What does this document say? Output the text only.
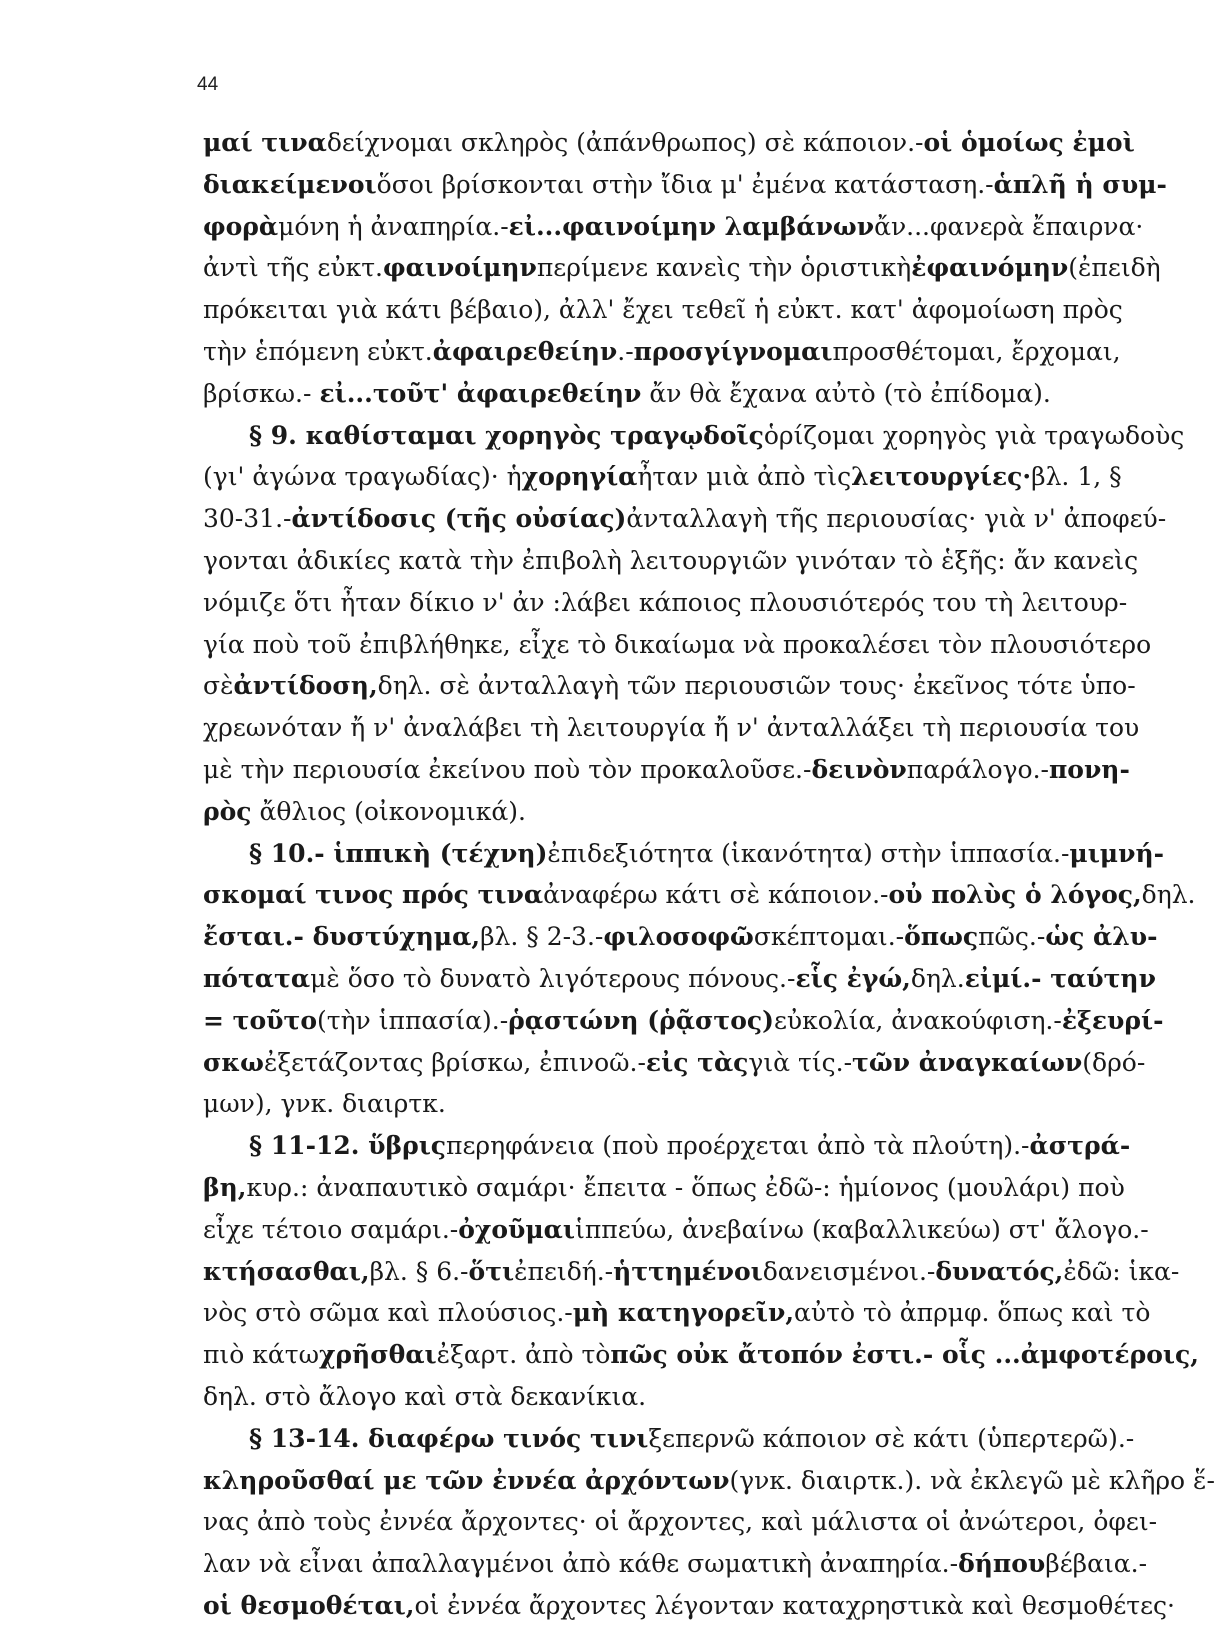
44
μαί τινα δείχνομαι σκληρὸς (ἀπάνθρωπος) σὲ κάποιον.- οἱ ὁμοίως ἐμοὶ
διακείμενοι ὅσοι βρίσκονται στὴν ἴδια μ' ἐμένα κατάσταση.- ἁπλῆ ἡ συμ-
φορὰ μόνη ἡ ἀναπηρία.- εἰ...φαινοίμην λαμβάνων ἄν...φανερὰ ἔπαιρνα·
ἀντὶ τῆς εὐκτ. φαινοίμην περίμενε κανεὶς τὴν ὁριστικὴ ἐφαινόμην (ἐπειδὴ
πρόκειται γιὰ κάτι βέβαιο), ἀλλ' ἔχει τεθεῖ ἡ εὐκτ. κατ' ἀφομοίωση πρὸς
τὴν ἑπόμενη εὐκτ. ἀφαιρεθείην .- προσγίγνομαι προσθέτομαι, ἔρχομαι,
βρίσκω.- εἰ...τοῦτ' ἀφαιρεθείην ἄν θὰ ἔχανα αὐτὸ (τὸ ἐπίδομα).
§ 9. καθίσταμαι χορηγὸς τραγῳδοῖς ὁρίζομαι χορηγὸς γιὰ τραγωδοὺς
(γι' ἀγώνα τραγωδίας)· ἡ χορηγία ἦταν μιὰ ἀπὸ τὶς λειτουργίες· βλ. 1, §
30-31.- ἀντίδοσις (τῆς οὐσίας) ἀνταλλαγὴ τῆς περιουσίας· γιὰ ν' ἀποφεύ-
γονται ἀδικίες κατὰ τὴν ἐπιβολὴ λειτουργιῶν γινόταν τὸ ἑξῆς: ἄν κανεὶς
νόμιζε ὅτι ἦταν δίκιο ν' ἀν :λάβει κάποιος πλουσιότερός του τὴ λειτουρ-
γία ποὺ τοῦ ἐπιβλήθηκε, εἶχε τὸ δικαίωμα νὰ προκαλέσει τὸν πλουσιότερο
σὲ ἀντίδοση, δηλ. σὲ ἀνταλλαγὴ τῶν περιουσιῶν τους· ἐκεῖνος τότε ὑπο-
χρεωνόταν ἤ ν' ἀναλάβει τὴ λειτουργία ἤ ν' ἀνταλλάξει τὴ περιουσία του
μὲ τὴν περιουσία ἐκείνου ποὺ τὸν προκαλοῦσε.- δεινὸν παράλογο.- πονη-
ρὸς ἄθλιος (οἰκονομικά).
§ 10.- ἱππικὴ (τέχνη) ἐπιδεξιότητα (ἱκανότητα) στὴν ἱππασία.- μιμνή-
σκομαί τινος πρός τινα ἀναφέρω κάτι σὲ κάποιον.- οὐ πολὺς ὁ λόγος, δηλ.
ἔσται.- δυστύχημα, βλ. § 2-3.- φιλοσοφῶ σκέπτομαι.- ὅπως πῶς.- ὡς ἀλυ-
πότατα μὲ ὅσο τὸ δυνατὸ λιγότερους πόνους.- εἷς ἐγώ, δηλ. εἰμί.- ταύτην
= τοῦτο (τὴν ἱππασία).- ῥᾳστώνη (ῥᾷστος) εὐκολία, ἀνακούφιση.- ἐξευρί-
σκω ἐξετάζοντας βρίσκω, ἐπινοῶ.- εἰς τὰς γιὰ τίς.- τῶν ἀναγκαίων (δρό-
μων), γνκ. διαιρτκ.
§ 11-12. ὕβρις περηφάνεια (ποὺ προέρχεται ἀπὸ τὰ πλούτη).- ἀστρά-
βη, κυρ.: ἀναπαυτικὸ σαμάρι· ἔπειτα - ὅπως ἐδῶ-: ἡμίονος (μουλάρι) ποὺ
εἶχε τέτοιο σαμάρι.- ὀχοῦμαι ἱππεύω, ἀνεβαίνω (καβαλλικεύω) στ' ἄλογο.-
κτήσασθαι, βλ. § 6.- ὅτι ἐπειδή.- ἡττημένοι δανεισμένοι.- δυνατός, ἐδῶ: ἱκα-
νὸς στὸ σῶμα καὶ πλούσιος.- μὴ κατηγορεῖν, αὐτὸ τὸ ἀπρμφ. ὅπως καὶ τὸ
πιὸ κάτω χρῆσθαι ἐξαρτ. ἀπὸ τὸ πῶς οὐκ ἄτοπόν ἐστι.- οἷς ...ἀμφοτέροις,
δηλ. στὸ ἄλογο καὶ στὰ δεκανίκια.
§ 13-14. διαφέρω τινός τινι ξεπερνῶ κάποιον σὲ κάτι (ὑπερτερῶ).-
κληροῦσθαί με τῶν ἐννέα ἀρχόντων (γνκ. διαιρτκ.). νὰ ἐκλεγῶ μὲ κλῆρο ἕ-
νας ἀπὸ τοὺς ἐννέα ἄρχοντες· οἱ ἄρχοντες, καὶ μάλιστα οἱ ἀνώτεροι, ὀφει-
λαν νὰ εἶναι ἀπαλλαγμένοι ἀπὸ κάθε σωματικὴ ἀναπηρία.- δήπου βέβαια.-
οἱ θεσμοθέται, οἱ ἐννέα ἄρχοντες λέγονταν καταχρηστικὰ καὶ θεσμοθέτες·
